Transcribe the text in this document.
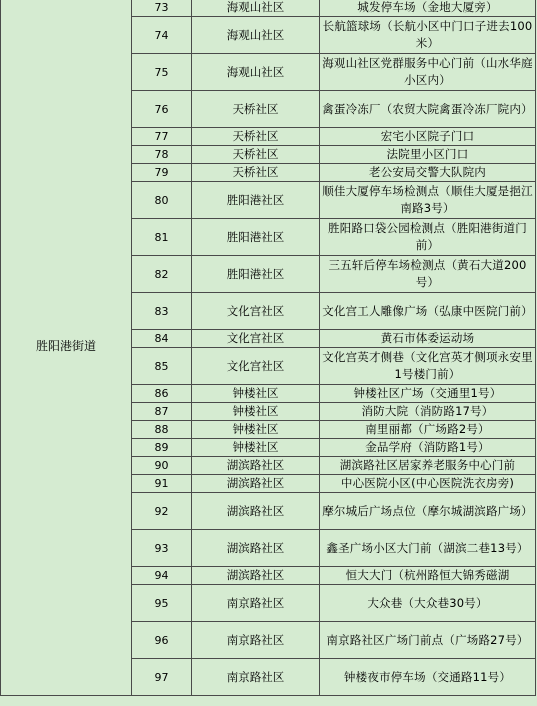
胜阳港街道	73	海观山社区	城发停车场（金地大厦旁）
	74	海观山社区	长航篮球场（长航小区中门口子进去100米）
	75	海观山社区	海观山社区党群服务中心门前（山水华庭小区内）
	76	天桥社区	禽蛋冷冻厂（农贸大院禽蛋冷冻厂院内）
	77	天桥社区	宏宅小区院子门口
	78	天桥社区	法院里小区门口
	79	天桥社区	老公安局交警大队院内
	80	胜阳港社区	顺佳大厦停车场检测点（顺佳大厦是挹江南路3号）
	81	胜阳港社区	胜阳路口袋公园检测点（胜阳港街道门前）
	82	胜阳港社区	三五轩后停车场检测点（黄石大道200号）
	83	文化宫社区	文化宫工人雕像广场（弘康中医院门前）
	84	文化宫社区	黄石市体委运动场
	85	文化宫社区	文化宫英才侧巷（文化宫英才侧项永安里1号楼门前）
	86	钟楼社区	钟楼社区广场（交通里1号）
	87	钟楼社区	消防大院（消防路17号）
	88	钟楼社区	南里丽都（广场路2号）
	89	钟楼社区	金品学府（消防路1号）
	90	湖滨路社区	湖滨路社区居家养老服务中心门前
	91	湖滨路社区	中心医院小区(中心医院洗衣房旁)
	92	湖滨路社区	摩尔城后广场点位（摩尔城湖滨路广场）
	93	湖滨路社区	鑫圣广场小区大门前（湖滨二巷13号）
	94	湖滨路社区	恒大大门（杭州路恒大锦秀磁湖
	95	南京路社区	大众巷（大众巷30号）
	96	南京路社区	南京路社区广场门前点（广场路27号）
	97	南京路社区	钟楼夜市停车场（交通路11号）
